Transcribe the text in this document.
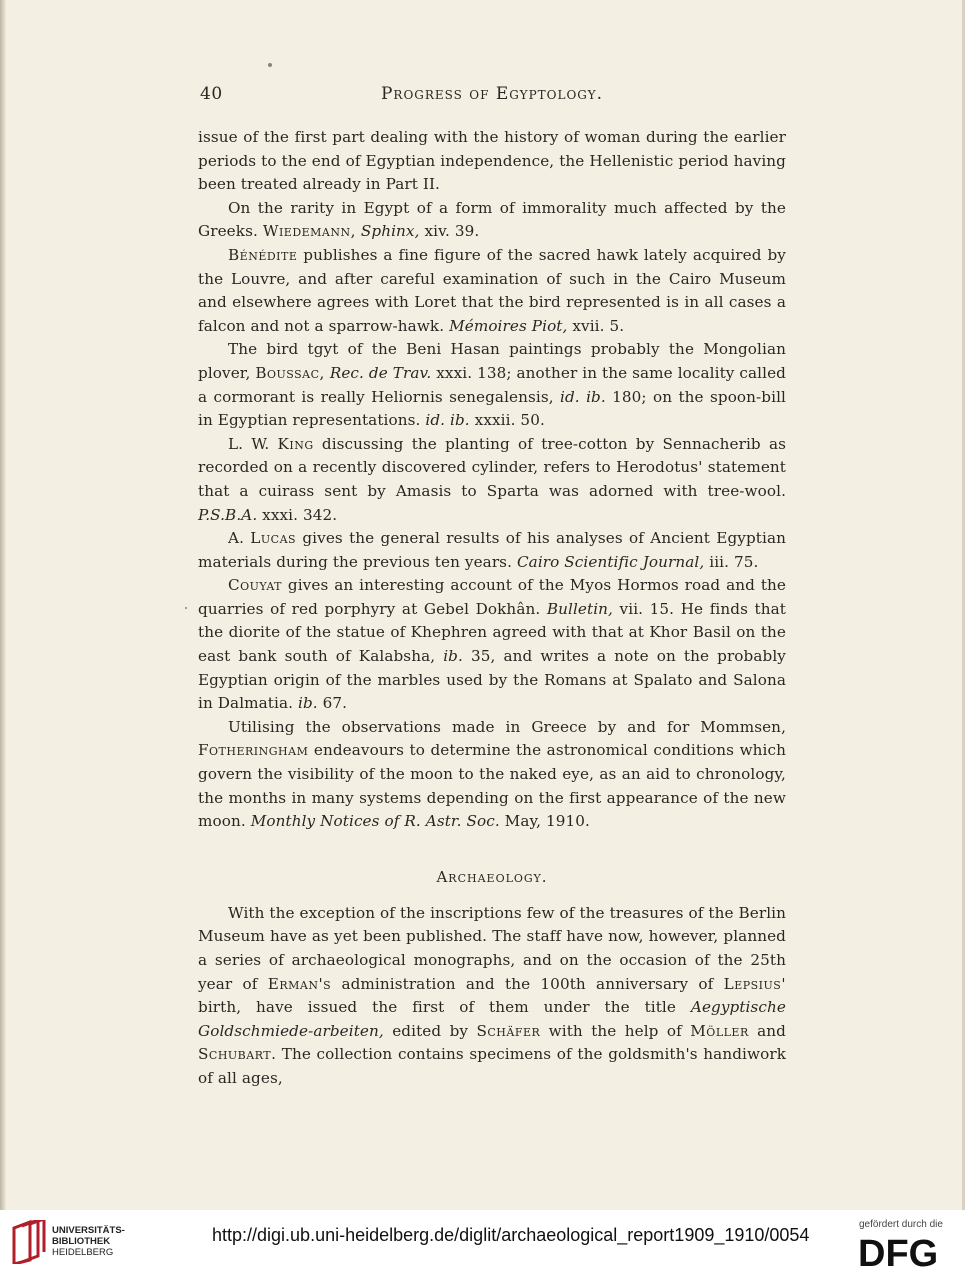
40	Progress of Egyptology.

issue of the first part dealing with the history of woman during the earlier periods to the end of Egyptian independence, the Hellenistic period having been treated already in Part II.

On the rarity in Egypt of a form of immorality much affected by the Greeks. Wiedemann, Sphinx, xiv. 39.

Bénédite publishes a fine figure of the sacred hawk lately acquired by the Louvre, and after careful examination of such in the Cairo Museum and elsewhere agrees with Loret that the bird represented is in all cases a falcon and not a sparrow-hawk. Mémoires Piot, xvii. 5.

The bird tgyt of the Beni Hasan paintings probably the Mongolian plover, Boussac, Rec. de Trav. xxxi. 138; another in the same locality called a cormorant is really Heliornis senegalensis, id. ib. 180; on the spoon-bill in Egyptian representations. id. ib. xxxii. 50.

L. W. King discussing the planting of tree-cotton by Sennacherib as recorded on a recently discovered cylinder, refers to Herodotus' statement that a cuirass sent by Amasis to Sparta was adorned with tree-wool. P.S.B.A. xxxi. 342.

A. Lucas gives the general results of his analyses of Ancient Egyptian materials during the previous ten years. Cairo Scientific Journal, iii. 75.

Couyat gives an interesting account of the Myos Hormos road and the quarries of red porphyry at Gebel Dokhân. Bulletin, vii. 15. He finds that the diorite of the statue of Khephren agreed with that at Khor Basil on the east bank south of Kalabsha, ib. 35, and writes a note on the probably Egyptian origin of the marbles used by the Romans at Spalato and Salona in Dalmatia. ib. 67.

Utilising the observations made in Greece by and for Mommsen, Fotheringham endeavours to determine the astronomical conditions which govern the visibility of the moon to the naked eye, as an aid to chronology, the months in many systems depending on the first appearance of the new moon. Monthly Notices of R. Astr. Soc. May, 1910.

Archaeology.

With the exception of the inscriptions few of the treasures of the Berlin Museum have as yet been published. The staff have now, however, planned a series of archaeological monographs, and on the occasion of the 25th year of Erman's administration and the 100th anniversary of Lepsius' birth, have issued the first of them under the title Aegyptische Goldschmiede-arbeiten, edited by Schäfer with the help of Möller and Schubart. The collection contains specimens of the goldsmith's handiwork of all ages,

UNIVERSITÄTS-
BIBLIOTHEK
HEIDELBERG
http://digi.ub.uni-heidelberg.de/diglit/archaeological_report1909_1910/0054
gefördert durch die
DFG
